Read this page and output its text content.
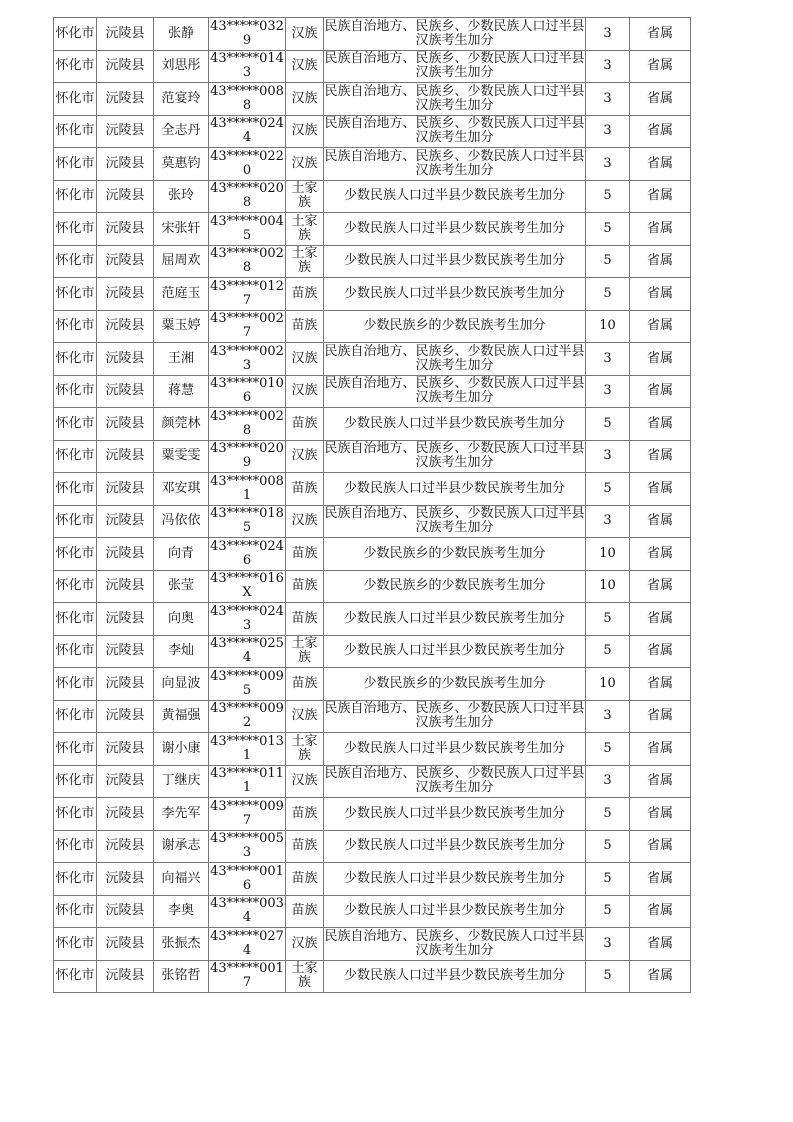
怀化市	沅陵县	张静	43*****0329	汉族	民族自治地方、民族乡、少数民族人口过半县汉族考生加分	3	省属
怀化市	沅陵县	刘思彤	43*****0143	汉族	民族自治地方、民族乡、少数民族人口过半县汉族考生加分	3	省属
怀化市	沅陵县	范宴玲	43*****0088	汉族	民族自治地方、民族乡、少数民族人口过半县汉族考生加分	3	省属
怀化市	沅陵县	全志丹	43*****0244	汉族	民族自治地方、民族乡、少数民族人口过半县汉族考生加分	3	省属
怀化市	沅陵县	莫惠钧	43*****0220	汉族	民族自治地方、民族乡、少数民族人口过半县汉族考生加分	3	省属
怀化市	沅陵县	张玲	43*****0208	土家族	少数民族人口过半县少数民族考生加分	5	省属
怀化市	沅陵县	宋张轩	43*****0045	土家族	少数民族人口过半县少数民族考生加分	5	省属
怀化市	沅陵县	屈周欢	43*****0028	土家族	少数民族人口过半县少数民族考生加分	5	省属
怀化市	沅陵县	范庭玉	43*****0127	苗族	少数民族人口过半县少数民族考生加分	5	省属
怀化市	沅陵县	粟玉婷	43*****0027	苗族	少数民族乡的少数民族考生加分	10	省属
怀化市	沅陵县	王湘	43*****0023	汉族	民族自治地方、民族乡、少数民族人口过半县汉族考生加分	3	省属
怀化市	沅陵县	蒋慧	43*****0106	汉族	民族自治地方、民族乡、少数民族人口过半县汉族考生加分	3	省属
怀化市	沅陵县	颜莞林	43*****0028	苗族	少数民族人口过半县少数民族考生加分	5	省属
怀化市	沅陵县	粟雯雯	43*****0209	汉族	民族自治地方、民族乡、少数民族人口过半县汉族考生加分	3	省属
怀化市	沅陵县	邓安琪	43*****0081	苗族	少数民族人口过半县少数民族考生加分	5	省属
怀化市	沅陵县	冯依依	43*****0185	汉族	民族自治地方、民族乡、少数民族人口过半县汉族考生加分	3	省属
怀化市	沅陵县	向青	43*****0246	苗族	少数民族乡的少数民族考生加分	10	省属
怀化市	沅陵县	张莹	43*****016X	苗族	少数民族乡的少数民族考生加分	10	省属
怀化市	沅陵县	向奥	43*****0243	苗族	少数民族人口过半县少数民族考生加分	5	省属
怀化市	沅陵县	李灿	43*****0254	土家族	少数民族人口过半县少数民族考生加分	5	省属
怀化市	沅陵县	向显波	43*****0095	苗族	少数民族乡的少数民族考生加分	10	省属
怀化市	沅陵县	黄福强	43*****0092	汉族	民族自治地方、民族乡、少数民族人口过半县汉族考生加分	3	省属
怀化市	沅陵县	谢小康	43*****0131	土家族	少数民族人口过半县少数民族考生加分	5	省属
怀化市	沅陵县	丁继庆	43*****0111	汉族	民族自治地方、民族乡、少数民族人口过半县汉族考生加分	3	省属
怀化市	沅陵县	李先军	43*****0097	苗族	少数民族人口过半县少数民族考生加分	5	省属
怀化市	沅陵县	谢承志	43*****0053	苗族	少数民族人口过半县少数民族考生加分	5	省属
怀化市	沅陵县	向福兴	43*****0016	苗族	少数民族人口过半县少数民族考生加分	5	省属
怀化市	沅陵县	李奥	43*****0034	苗族	少数民族人口过半县少数民族考生加分	5	省属
怀化市	沅陵县	张振杰	43*****0274	汉族	民族自治地方、民族乡、少数民族人口过半县汉族考生加分	3	省属
怀化市	沅陵县	张铭哲	43*****0017	土家族	少数民族人口过半县少数民族考生加分	5	省属
